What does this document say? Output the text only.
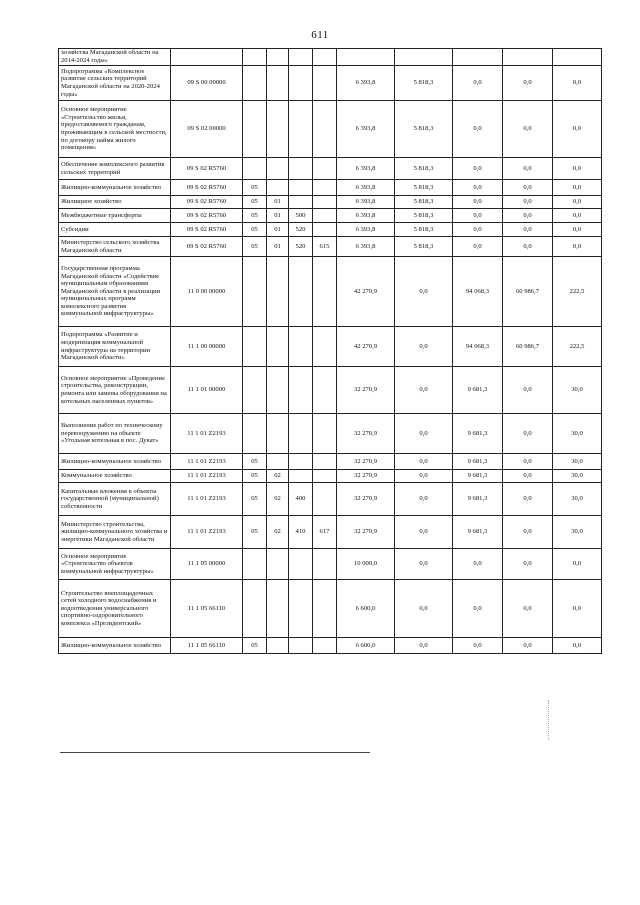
611
хозяйства Магаданской области на 2014-2024 годы»										
Подпрограмма «Комплексное развитие сельских территорий Магаданской области на 2020-2024 годы»	09 S 00 00000					6 393,8	5 818,3	0,0	0,0	0,0
Основное мероприятие «Строительство жилья, предоставляемого гражданам, проживающим в сельской местности, по договору найма жилого помещения»	09 S 02 00000					6 393,8	5 818,3	0,0	0,0	0,0
Обеспечение комплексного развития сельских территорий	09 S 02 R5760					6 393,8	5 818,3	0,0	0,0	0,0
Жилищно-коммунальное хозяйство	09 S 02 R5760	05				6 393,8	5 818,3	0,0	0,0	0,0
Жилищное хозяйство	09 S 02 R5760	05	01			6 393,8	5 818,3	0,0	0,0	0,0
Межбюджетные трансферты	09 S 02 R5760	05	01	500		6 393,8	5 818,3	0,0	0,0	0,0
Субсидии	09 S 02 R5760	05	01	520		6 393,8	5 818,3	0,0	0,0	0,0
Министерство сельского хозяйства Магаданской области	09 S 02 R5760	05	01	520	615	6 393,8	5 818,3	0,0	0,0	0,0
Государственная программа Магаданской области «Содействие муниципальным образованиям Магаданской области в реализации муниципальных программ комплексного развития коммунальной инфраструктуры»	11 0 00 00000					42 270,9	0,0	94 068,3	60 986,7	222,5
Подпрограмма «Развитие и модернизация коммунальной инфраструктуры на территории Магаданской области»	11 1 00 00000					42 270,9	0,0	94 068,3	60 986,7	222,5
Основное мероприятие «Проведение строительства, реконструкции, ремонта или замены оборудования на котельных населенных пунктов»	11 1 01 00000					32 270,9	0,0	9 681,3	0,0	30,0
Выполнение работ по техническому перевооружению на объекте «Угольная котельная в пос. Дукат»	11 1 01 Z2193					32 270,9	0,0	9 681,3	0,0	30,0
Жилищно-коммунальное хозяйство	11 1 01 Z2193	05				32 270,9	0,0	9 681,3	0,0	30,0
Коммунальное хозяйство	11 1 01 Z2193	05	02			32 270,9	0,0	9 681,3	0,0	30,0
Капитальные вложения в объекты государственной (муниципальной) собственности	11 1 01 Z2193	05	02	400		32 270,9	0,0	9 681,3	0,0	30,0
Министерство строительства, жилищно-коммунального хозяйства и энергетики Магаданской области	11 1 01 Z2193	05	02	410	617	32 270,9	0,0	9 681,3	0,0	30,0
Основное мероприятие «Строительство объектов коммунальной инфраструктуры»	11 1 05 00000					10 000,0	0,0	0,0	0,0	0,0
Строительство внеплощадочных сетей холодного водоснабжения и водоотведения универсального спортивно-оздоровительного комплекса «Президентский»	11 1 05 66110					6 600,0	0,0	0,0	0,0	0,0
Жилищно-коммунальное хозяйство	11 1 05 66110	05				6 600,0	0,0	0,0	0,0	0,0
